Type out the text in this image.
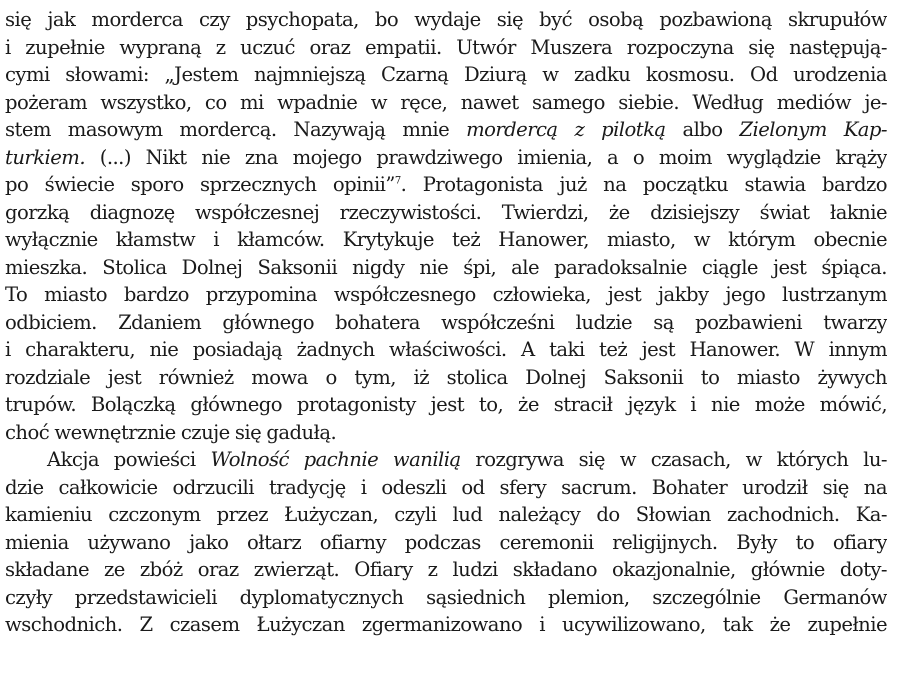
się jak morderca czy psychopata, bo wydaje się być osobą pozbawioną skrupułów
i zupełnie wypraną z uczuć oraz empatii. Utwór Muszera rozpoczyna się następują-
cymi słowami: „Jestem najmniejszą Czarną Dziurą w zadku kosmosu. Od urodzenia
pożeram wszystko, co mi wpadnie w ręce, nawet samego siebie. Według mediów je-
stem masowym mordercą. Nazywają mnie mordercą z pilotką albo Zielonym Kap-
turkiem. (...) Nikt nie zna mojego prawdziwego imienia, a o moim wyglądzie krąży
po świecie sporo sprzecznych opinii”$^7$. Protagonista już na początku stawia bardzo
gorzką diagnozę współczesnej rzeczywistości. Twierdzi, że dzisiejszy świat łaknie
wyłącznie kłamstw i kłamców. Krytykuje też Hanower, miasto, w którym obecnie
mieszka. Stolica Dolnej Saksonii nigdy nie śpi, ale paradoksalnie ciągle jest śpiąca.
To miasto bardzo przypomina współczesnego człowieka, jest jakby jego lustrzanym
odbiciem. Zdaniem głównego bohatera współcześni ludzie są pozbawieni twarzy
i charakteru, nie posiadają żadnych właściwości. A taki też jest Hanower. W innym
rozdziale jest również mowa o tym, iż stolica Dolnej Saksonii to miasto żywych
trupów. Bolączką głównego protagonisty jest to, że stracił język i nie może mówić,
choć wewnętrznie czuje się gadułą.
Akcja powieści Wolność pachnie wanilią rozgrywa się w czasach, w których lu-
dzie całkowicie odrzucili tradycję i odeszli od sfery sacrum. Bohater urodził się na
kamieniu czczonym przez Łużyczan, czyli lud należący do Słowian zachodnich. Ka-
mienia używano jako ołtarz ofiarny podczas ceremonii religijnych. Były to ofiary
składane ze zbóż oraz zwierząt. Ofiary z ludzi składano okazjonalnie, głównie doty-
czyły przedstawicieli dyplomatycznych sąsiednich plemion, szczególnie Germanów
wschodnich. Z czasem Łużyczan zgermanizowano i ucywilizowano, tak że zupełnie
